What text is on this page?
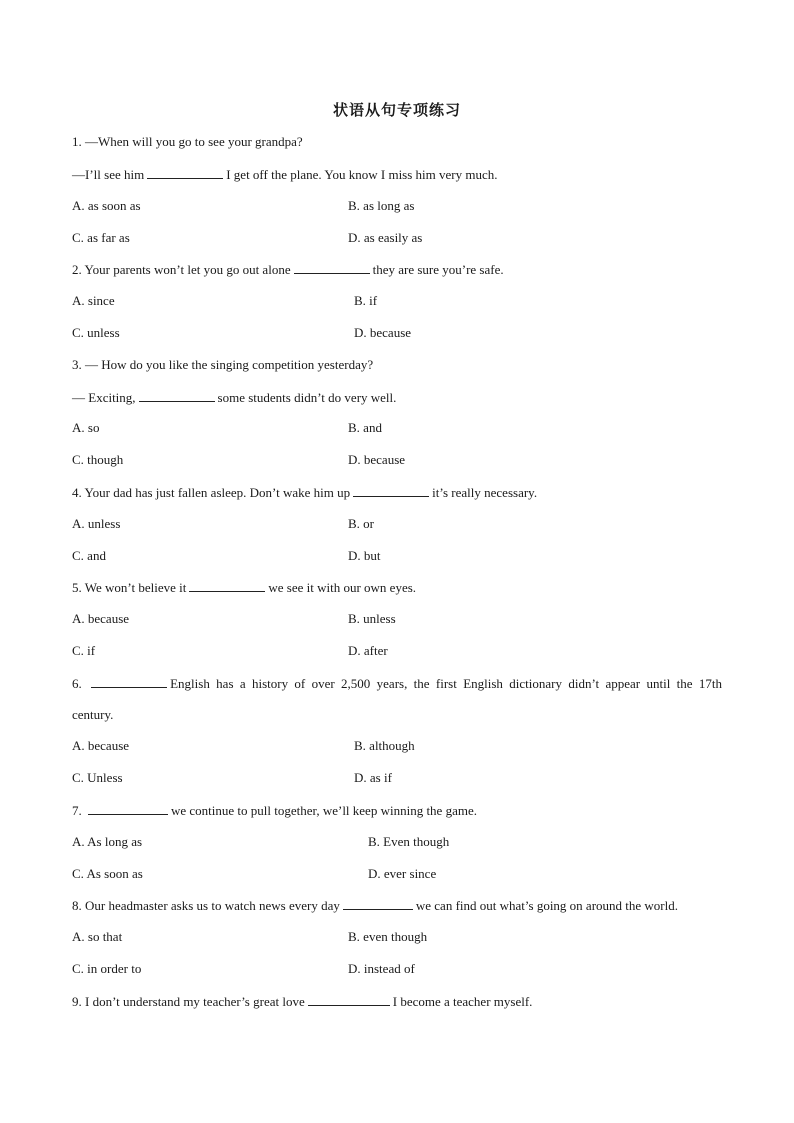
状语从句专项练习
1. —When will you go to see your grandpa?
—I’ll see him	I get off the plane. You know I miss him very much.
A. as soon as	B. as long as
C. as far as	D. as easily as
2. Your parents won’t let you go out alone	they are sure you’re safe.
A. since	B. if
C. unless	D. because
3. — How do you like the singing competition yesterday?
— Exciting,	some students didn’t do very well.
A. so	B. and
C. though	D. because
4. Your dad has just fallen asleep. Don’t wake him up	it’s really necessary.
A. unless	B. or
C. and	D. but
5. We won’t believe it	we see it with our own eyes.
A. because	B. unless
C. if	D. after
6.	English has a history of over 2,500 years, the first English dictionary didn’t appear until the 17th
century.
A. because	B. although
C. Unless	D. as if
7.	we continue to pull together, we’ll keep winning the game.
A. As long as	B. Even though
C. As soon as	D. ever since
8. Our headmaster asks us to watch news every day	we can find out what’s going on around the world.
A. so that	B. even though
C. in order to	D. instead of
9. I don’t understand my teacher’s great love	I become a teacher myself.
